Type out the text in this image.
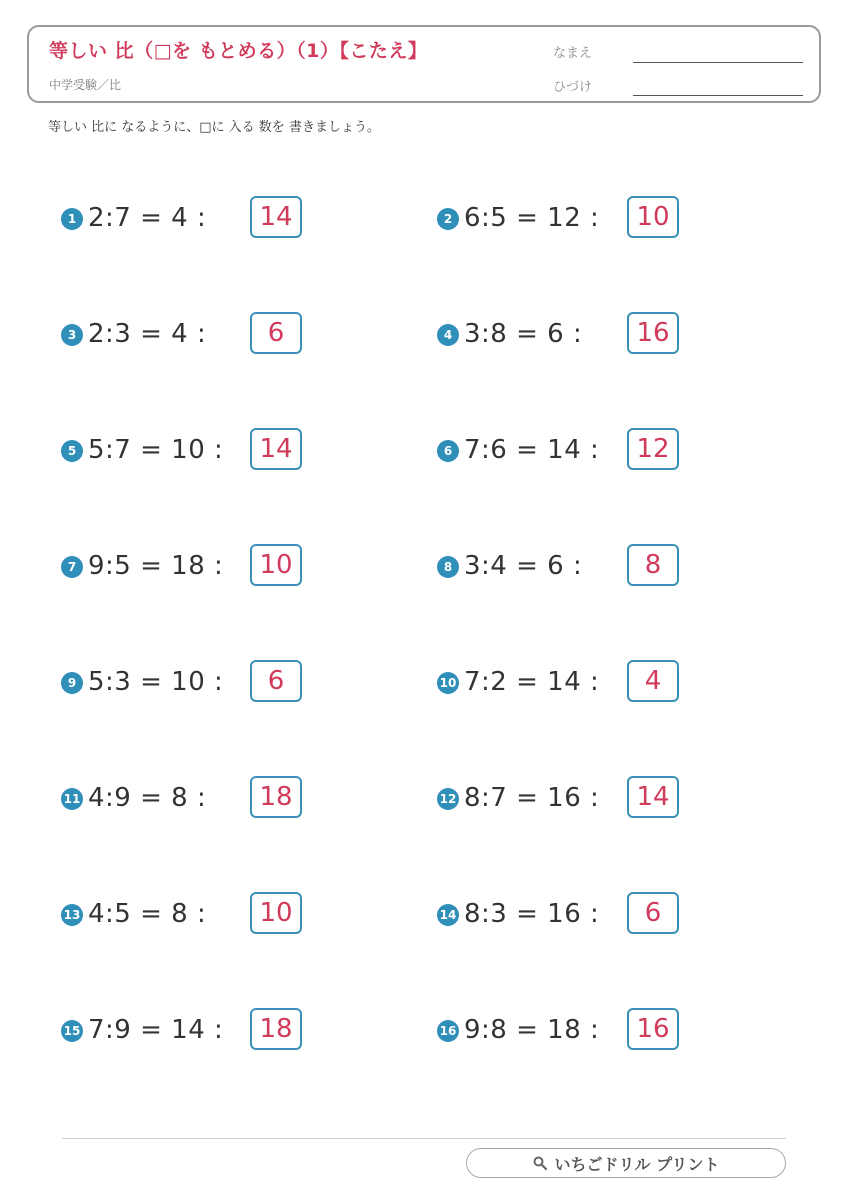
等しい 比（□を もとめる）（1）【こたえ】
中学受験／比
なまえ
ひづけ
等しい 比に なるように、□に 入る 数を 書きましょう。
1 2:7 = 4 :	14	2 6:5 = 12 :	10
3 2:3 = 4 :	6	4 3:8 = 6 :	16
5 5:7 = 10 :	14	6 7:6 = 14 :	12
7 9:5 = 18 :	10	8 3:4 = 6 :	8
9 5:3 = 10 :	6	10 7:2 = 14 :	4
11 4:9 = 8 :	18	12 8:7 = 16 :	14
13 4:5 = 8 :	10	14 8:3 = 16 :	6
15 7:9 = 14 :	18	16 9:8 = 18 :	16
いちごドリル プリント
